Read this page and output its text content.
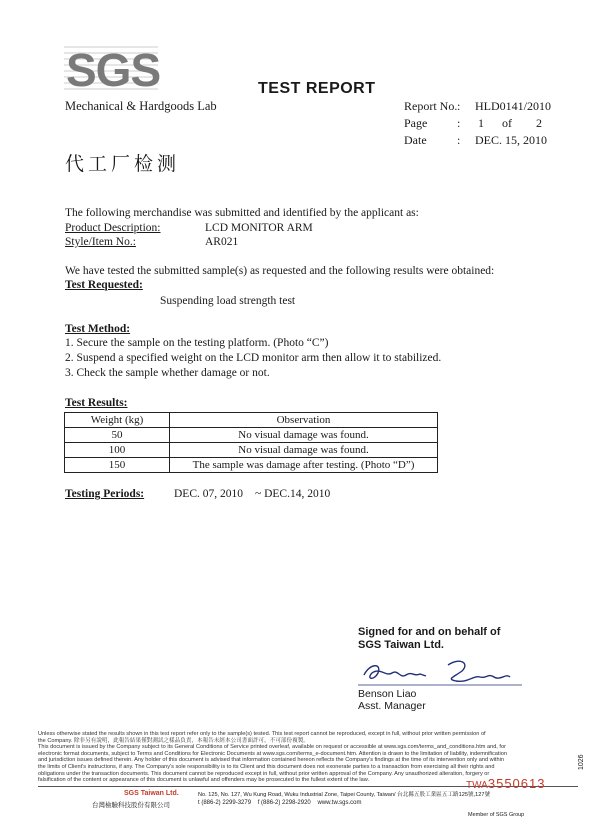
SGS
Mechanical & Hardgoods Lab
TEST REPORT
Report No. : HLD0141/2010
Page : 1 of 2
Date	: DEC. 15, 2010
代工厂检测
The following merchandise was submitted and identified by the applicant as:
Product Description:	LCD MONITOR ARM
Style/Item No.:	AR021
We have tested the submitted sample(s) as requested and the following results were obtained:
Test Requested:
Suspending load strength test
Test Method:
1. Secure the sample on the testing platform. (Photo “C”)
2. Suspend a specified weight on the LCD monitor arm then allow it to stabilized.
3. Check the sample whether damage or not.
Test Results:
Weight (kg)	Observation
50	No visual damage was found.
100	No visual damage was found.
150	The sample was damage after testing. (Photo “D”)
Testing Periods:	DEC. 07, 2010 ~ DEC.14, 2010
Signed for and on behalf of
SGS Taiwan Ltd.
Benson Liao
Asst. Manager
Unless otherwise stated the results shown in this test report refer only to the sample(s) tested. This test report cannot be reproduced, except in full, without prior written permission of
the Company. 除非另有說明，此報告結果僅對測試之樣品負責，本報告未經本公司書面許可，不可部份複製。
This document is issued by the Company subject to its General Conditions of Service printed overleaf, available on request or accessible at www.sgs.com/terms_and_conditions.htm and, for
electronic format documents, subject to Terms and Conditions for Electronic Documents at www.sgs.com/terms_e-document.htm. Attention is drawn to the limitation of liability, indemnification
and jurisdiction issues defined therein. Any holder of this document is advised that information contained hereon reflects the Company's findings at the time of its intervention only and within
the limits of Client's instructions, if any. The Company's sole responsibility is to its Client and this document does not exonerate parties to a transaction from exercising all their rights and
obligations under the transaction documents. This document cannot be reproduced except in full, without prior written approval of the Company. Any unauthorized alteration, forgery or
falsification of the content or appearance of this document is unlawful and offenders may be prosecuted to the fullest extent of the law.
SGS Taiwan Ltd.
台灣檢驗科技股份有限公司
No. 125, No. 127, Wu Kung Road, Wuku Industrial Zone, Taipei County, Taiwan/ 台北縣五股工業區五工路125號,127號
t (886-2) 2299-3279 f (886-2) 2298-2920 www.tw.sgs.com
Member of SGS Group
TWA3550613
1026
